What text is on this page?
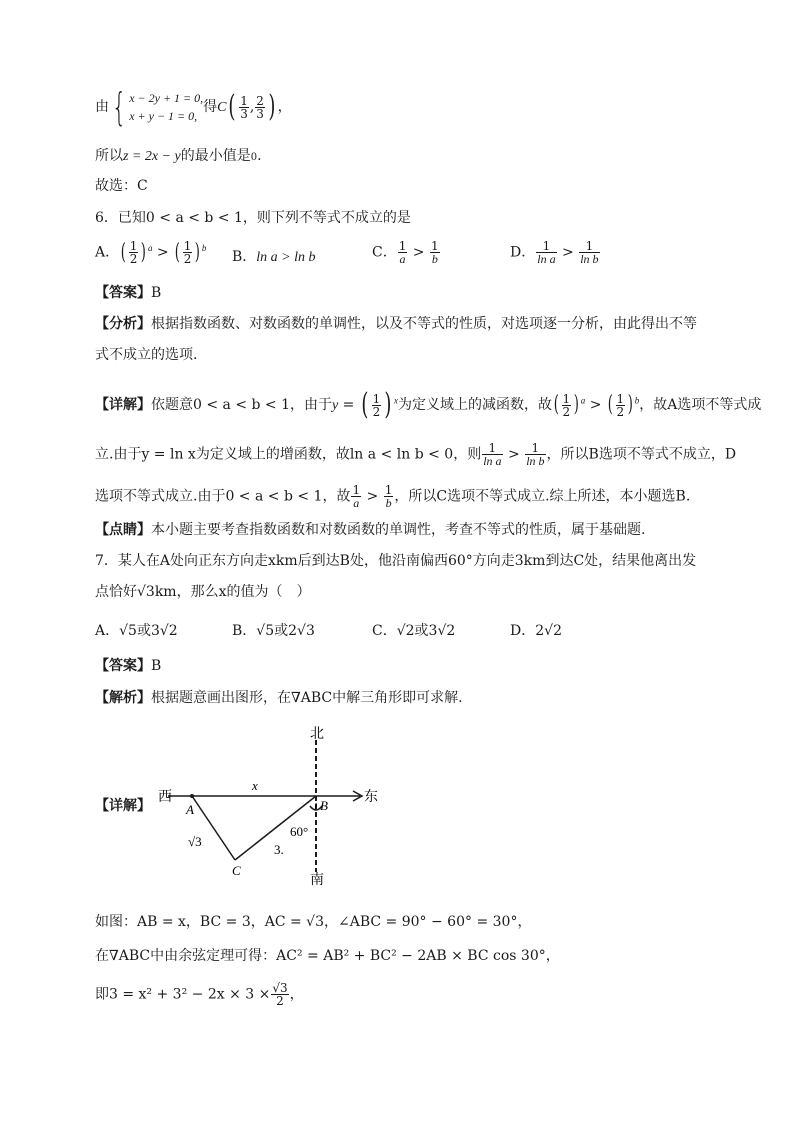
由 { x − 2y + 1 = 0,
x + y − 1 = 0,
得$C( \frac{1}{3}$ , $\frac{2}{3}$ ) ，
所以z = 2x − y的最小值是0.
故选：C
6．已知0 < a < b < 1，则下列不等式不成立的是
A．( $\frac{1}{2}$ ) $^a$ > ( $\frac{1}{2}$ ) $^b$
B．ln a > ln b	C． $\frac{1}{a} > \frac{1}{b}$	D． $\frac{1}{\text{ln a}} > \frac{1}{\text{ln b}}$
【答案】B
【分析】根据指数函数、对数函数的单调性，以及不等式的性质，对选项逐一分析，由此得出不等
式不成立的选项.
【详解】依题意0 < a < b < 1，由于y = ( $\frac{1}{2}$ ) $^x$为定义域上的减函数，故( $\frac{1}{2}$ ) $^a$ > ( $\frac{1}{2}$ ) $^b$，故A选项不等式成
立.由于y = ln x为定义域上的增函数，故ln a < ln b < 0，则 $\frac{1}{\text{ln a}} > \frac{1}{\text{ln b}}$ ，所以B选项不等式不成立，D
选项不等式成立.由于0 < a < b < 1，故 $\frac{1}{a} > \frac{1}{b}$ ，所以C选项不等式成立.综上所述，本小题选B.
【点睛】本小题主要考查指数函数和对数函数的单调性，考查不等式的性质，属于基础题.
7．某人在A处向正东方向走xkm后到达B处，他沿南偏西60°方向走3km到达C处，结果他离出发
点恰好√3km，那么x的值为（　）
A．√5或3√2	B．√5或2√3	C．√2或3√2	D．2√2
【答案】B
【解析】根据题意画出图形，在∇ABC中解三角形即可求解.
【详解】
北
南
西	东
x
A	i B
C
√3
3.
60°
如图：AB = x，BC = 3，AC = √3，∠ABC = 90° − 60° = 30°，
在∇ABC中由余弦定理可得：AC² = AB² + BC² − 2AB × BC cos 30°，
即$3 = x^2 + 3^2 - 2x \times 3 \times \frac{√3}{2}$ ，
